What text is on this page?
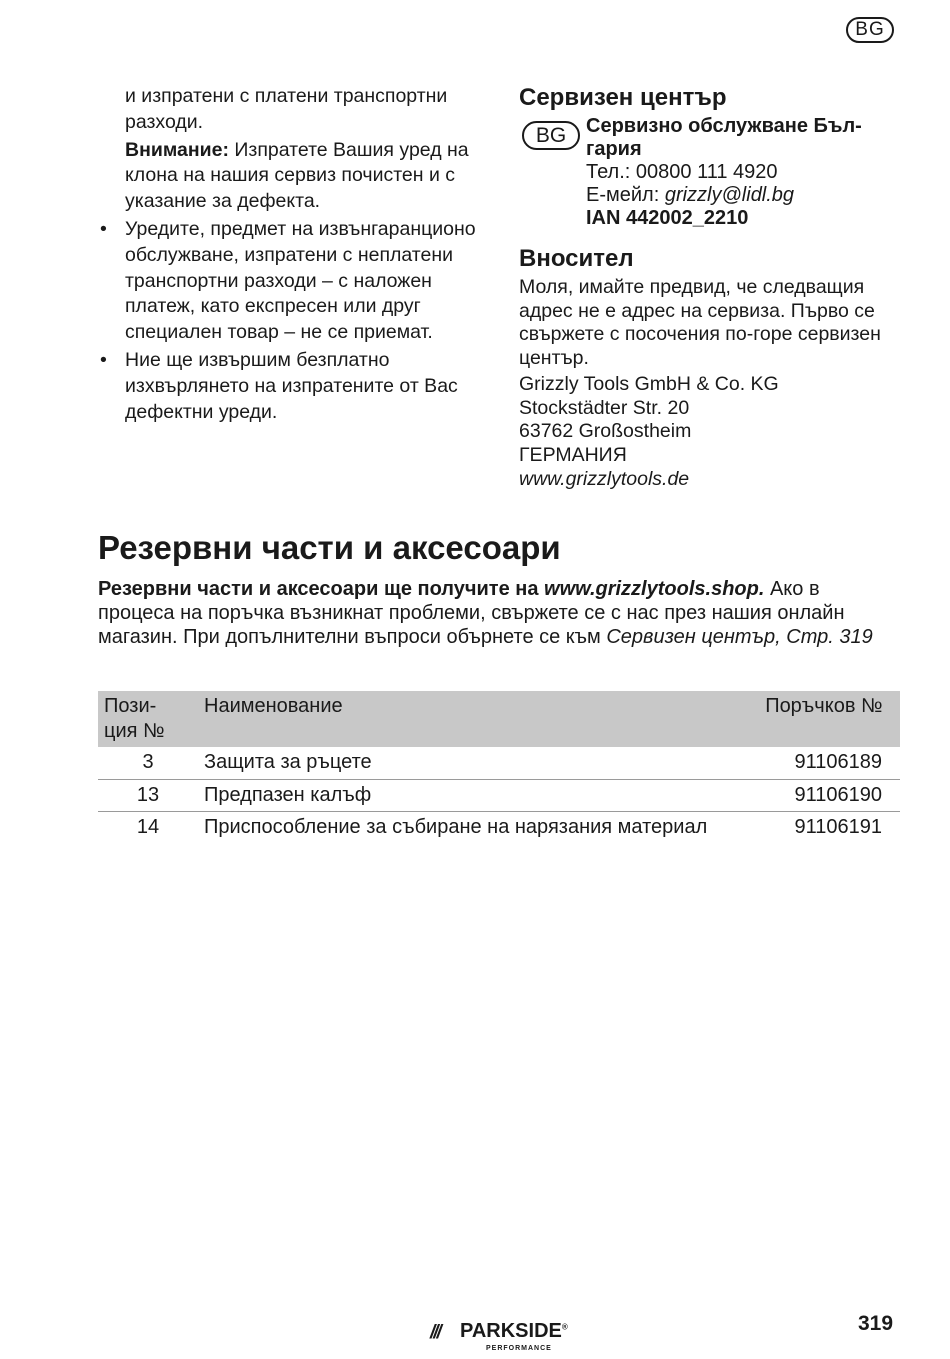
BG

и изпратени с платени транспортни разходи.

Внимание: Изпратете Вашия уред на клона на нашия сервиз почистен и с указание за дефекта.

• Уредите, предмет на извънгаранционо обслужване, изпратени с неплатени транспортни разходи – с наложен платеж, като експресен или друг специален товар – не се приемат.
• Ние ще извършим безплатно изхвърлянето на изпратените от Вас дефектни уреди.
Сервизен център
BG Сервизно обслужване Бъл-
гария
Тел.: 00800 111 4920
Е-мейл: grizzly@lidl.bg
IAN 442002_2210
Вносител

Моля, имайте предвид, че следващия адрес не е адрес на сервиза. Първо се свържете с посочения по-горе сервизен център.

Grizzly Tools GmbH & Co. KG
Stockstädter Str. 20
63762 Großostheim
ГЕРМАНИЯ
www.grizzlytools.de
Резервни части и аксесоари
Резервни части и аксесоари ще получите на www.grizzlytools.shop. Ако в процеса на поръчка възникнат проблеми, свържете се с нас през нашия онлайн магазин. При допълнителни въпроси обърнете се към Сервизен център, Стр. 319
Пози-
ция №	Наименование	Поръчков №
3	Защита за ръцете	91106189
13	Предпазен калъф	91106190
14	Приспособление за събиране на нарязания материал	91106191
/// PARKSIDE®
PERFORMANCE
319
